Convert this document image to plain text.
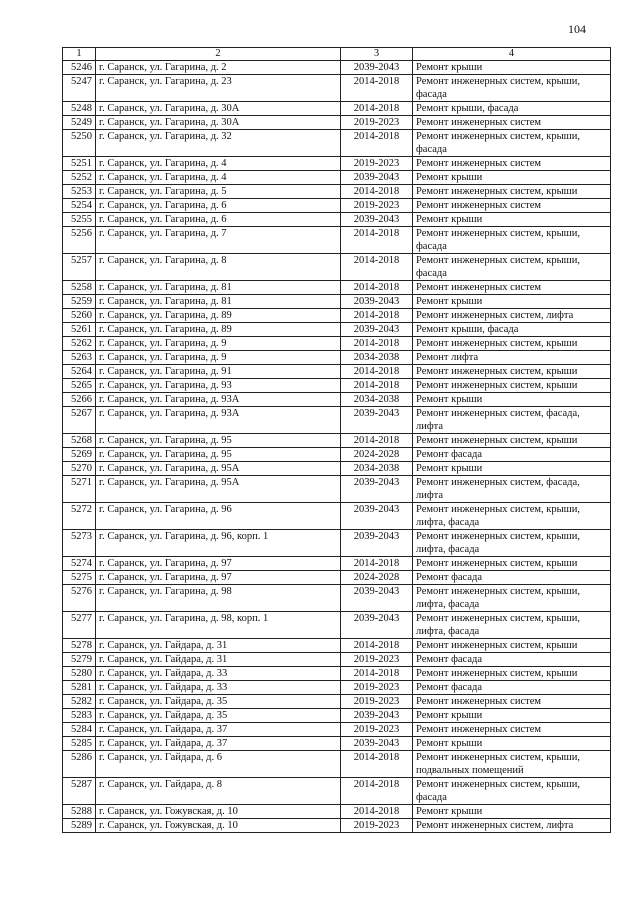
104
1	2	3	4
5246	г. Саранск, ул. Гагарина, д. 2	2039-2043	Ремонт крыши
5247	г. Саранск, ул. Гагарина, д. 23	2014-2018	Ремонт инженерных систем, крыши, фасада
5248	г. Саранск, ул. Гагарина, д. 30А	2014-2018	Ремонт крыши, фасада
5249	г. Саранск, ул. Гагарина, д. 30А	2019-2023	Ремонт инженерных систем
5250	г. Саранск, ул. Гагарина, д. 32	2014-2018	Ремонт инженерных систем, крыши, фасада
5251	г. Саранск, ул. Гагарина, д. 4	2019-2023	Ремонт инженерных систем
5252	г. Саранск, ул. Гагарина, д. 4	2039-2043	Ремонт крыши
5253	г. Саранск, ул. Гагарина, д. 5	2014-2018	Ремонт инженерных систем, крыши
5254	г. Саранск, ул. Гагарина, д. 6	2019-2023	Ремонт инженерных систем
5255	г. Саранск, ул. Гагарина, д. 6	2039-2043	Ремонт крыши
5256	г. Саранск, ул. Гагарина, д. 7	2014-2018	Ремонт инженерных систем, крыши, фасада
5257	г. Саранск, ул. Гагарина, д. 8	2014-2018	Ремонт инженерных систем, крыши, фасада
5258	г. Саранск, ул. Гагарина, д. 81	2014-2018	Ремонт инженерных систем
5259	г. Саранск, ул. Гагарина, д. 81	2039-2043	Ремонт крыши
5260	г. Саранск, ул. Гагарина, д. 89	2014-2018	Ремонт инженерных систем, лифта
5261	г. Саранск, ул. Гагарина, д. 89	2039-2043	Ремонт крыши, фасада
5262	г. Саранск, ул. Гагарина, д. 9	2014-2018	Ремонт инженерных систем, крыши
5263	г. Саранск, ул. Гагарина, д. 9	2034-2038	Ремонт лифта
5264	г. Саранск, ул. Гагарина, д. 91	2014-2018	Ремонт инженерных систем, крыши
5265	г. Саранск, ул. Гагарина, д. 93	2014-2018	Ремонт инженерных систем, крыши
5266	г. Саранск, ул. Гагарина, д. 93А	2034-2038	Ремонт крыши
5267	г. Саранск, ул. Гагарина, д. 93А	2039-2043	Ремонт инженерных систем, фасада, лифта
5268	г. Саранск, ул. Гагарина, д. 95	2014-2018	Ремонт инженерных систем, крыши
5269	г. Саранск, ул. Гагарина, д. 95	2024-2028	Ремонт фасада
5270	г. Саранск, ул. Гагарина, д. 95А	2034-2038	Ремонт крыши
5271	г. Саранск, ул. Гагарина, д. 95А	2039-2043	Ремонт инженерных систем, фасада, лифта
5272	г. Саранск, ул. Гагарина, д. 96	2039-2043	Ремонт инженерных систем, крыши, лифта, фасада
5273	г. Саранск, ул. Гагарина, д. 96, корп. 1	2039-2043	Ремонт инженерных систем, крыши, лифта, фасада
5274	г. Саранск, ул. Гагарина, д. 97	2014-2018	Ремонт инженерных систем, крыши
5275	г. Саранск, ул. Гагарина, д. 97	2024-2028	Ремонт фасада
5276	г. Саранск, ул. Гагарина, д. 98	2039-2043	Ремонт инженерных систем, крыши, лифта, фасада
5277	г. Саранск, ул. Гагарина, д. 98, корп. 1	2039-2043	Ремонт инженерных систем, крыши, лифта, фасада
5278	г. Саранск, ул. Гайдара, д. 31	2014-2018	Ремонт инженерных систем, крыши
5279	г. Саранск, ул. Гайдара, д. 31	2019-2023	Ремонт фасада
5280	г. Саранск, ул. Гайдара, д. 33	2014-2018	Ремонт инженерных систем, крыши
5281	г. Саранск, ул. Гайдара, д. 33	2019-2023	Ремонт фасада
5282	г. Саранск, ул. Гайдара, д. 35	2019-2023	Ремонт инженерных систем
5283	г. Саранск, ул. Гайдара, д. 35	2039-2043	Ремонт крыши
5284	г. Саранск, ул. Гайдара, д. 37	2019-2023	Ремонт инженерных систем
5285	г. Саранск, ул. Гайдара, д. 37	2039-2043	Ремонт крыши
5286	г. Саранск, ул. Гайдара, д. 6	2014-2018	Ремонт инженерных систем, крыши, подвальных помещений
5287	г. Саранск, ул. Гайдара, д. 8	2014-2018	Ремонт инженерных систем, крыши, фасада
5288	г. Саранск, ул. Гожувская, д. 10	2014-2018	Ремонт крыши
5289	г. Саранск, ул. Гожувская, д. 10	2019-2023	Ремонт инженерных систем, лифта
